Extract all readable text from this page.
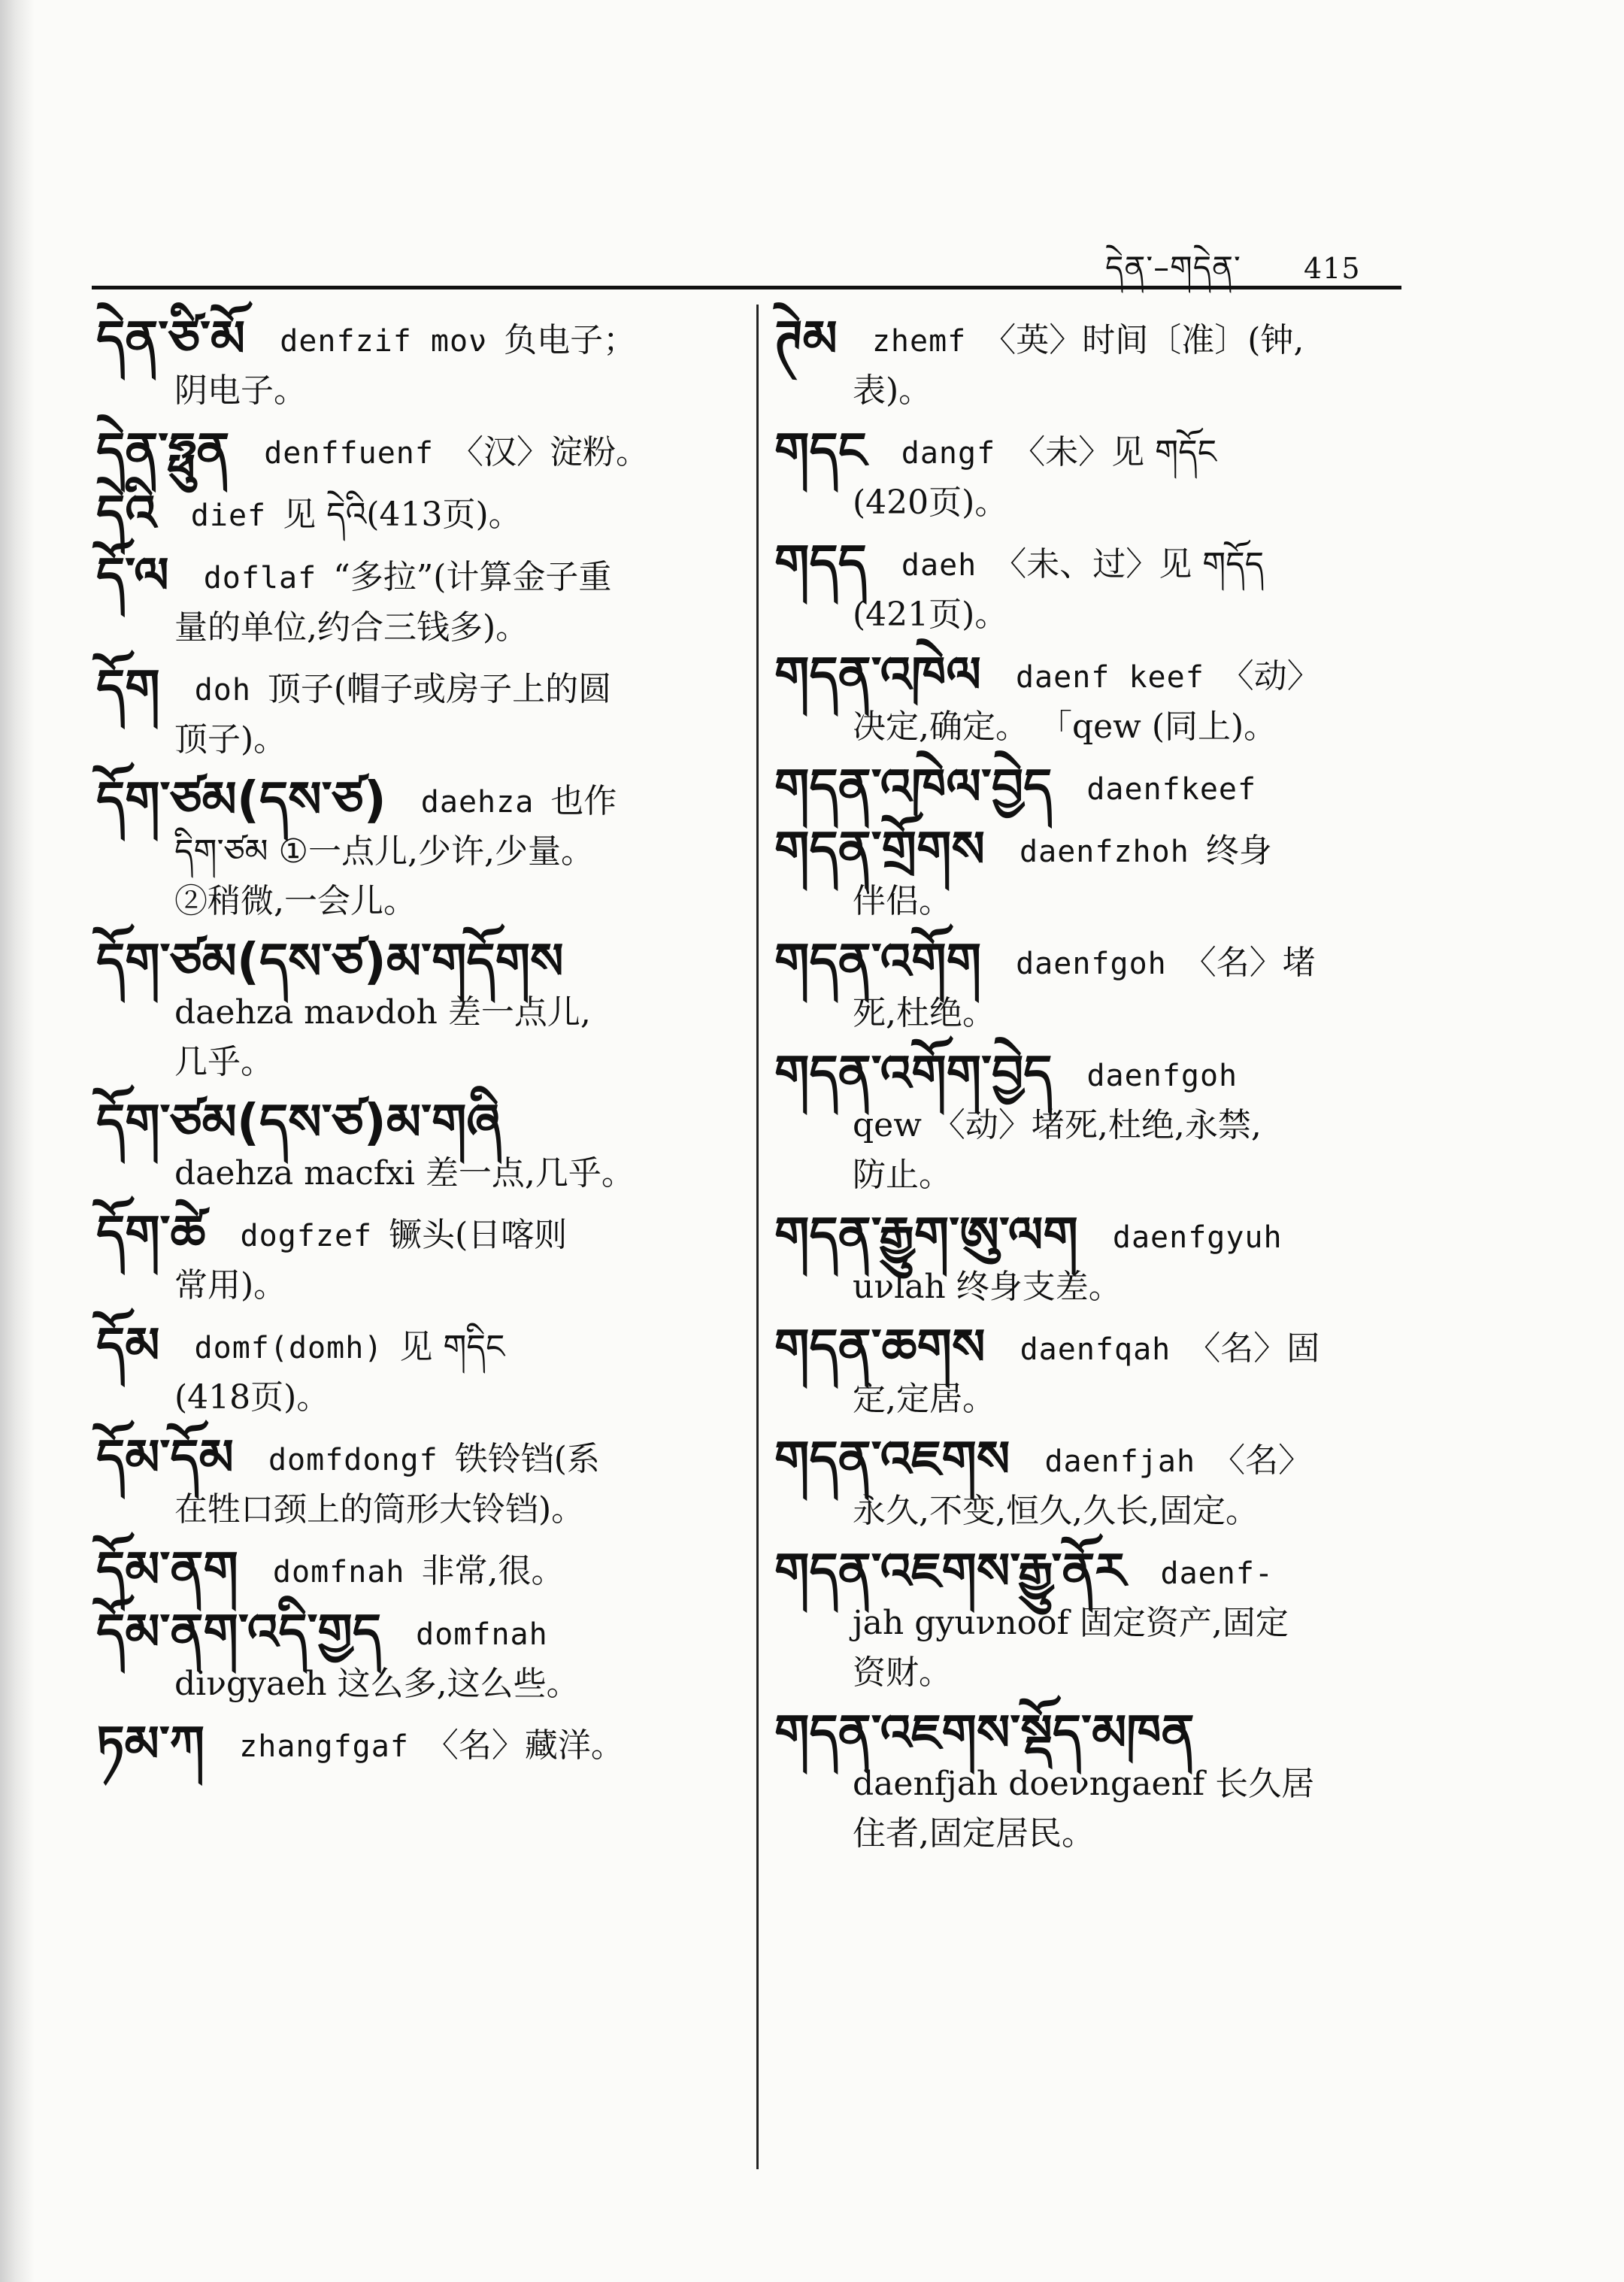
དེན་–གདེན་ 415
དེན་ཙི་མོ denfzif moν 负电子；
阴电子。
དེན་ཧྥུན denffuenf 〈汉〉淀粉。
དེའི dief 见 དེའི(413页)。
དོ་ལ doflaf “多拉”(计算金子重
量的单位,约合三钱多)。
དོག doh 顶子(帽子或房子上的圆
顶子)。
དོག་ཙམ(དས་ཙ) daehza 也作
དིག་ཙམ ①一点儿,少许,少量。
②稍微,一会儿。
དོག་ཙམ(དས་ཙ)མ་གདོགས
daehza maνdoh 差一点儿,
几乎。
དོག་ཙམ(དས་ཙ)མ་གཞི
daehza macfxi 差一点,几乎。
དོག་ཚེ dogfzef 镢头(日喀则
常用)。
དོམ domf(domh) 见 གདིང
(418页)。
དོམ་དོམ domfdongf 铁铃铛(系
在牲口颈上的筒形大铃铛)。
དོམ་ནག domfnah 非常,很。
དོམ་ནག་འདི་གྱད domfnah
diνgyaeh 这么多,这么些。
ཏམ་ཀ zhangfgaf 〈名〉藏洋。
ཊེམ zhemf 〈英〉时间〔准〕(钟,
表)。
གདང dangf 〈未〉见 གདོང
(420页)。
གདད daeh 〈未、过〉见 གདོད
(421页)。
གདན་འཁེལ daenf keef 〈动〉
决定,确定。 「qew (同上)。
གདན་འཁེལ་བྱེད daenfkeef
གདན་གྲོགས daenfzhoh 终身
伴侣。
གདན་འགོག daenfgoh 〈名〉堵
死,杜绝。
གདན་འགོག་བྱེད daenfgoh
qew 〈动〉堵死,杜绝,永禁,
防止。
གདན་རྒྱུག་ཨུ་ལག daenfgyuh
uνlah 终身支差。
གདན་ཆགས daenfqah 〈名〉固
定,定居。
གདན་འཇགས daenfjah 〈名〉
永久,不变,恒久,久长,固定。
གདན་འཇགས་རྒྱུ་ནོར daenf-
jah gyuνnoof 固定资产,固定
资财。
གདན་འཇགས་སྡོད་མཁན
daenfjah doeνngaenf 长久居
住者,固定居民。
